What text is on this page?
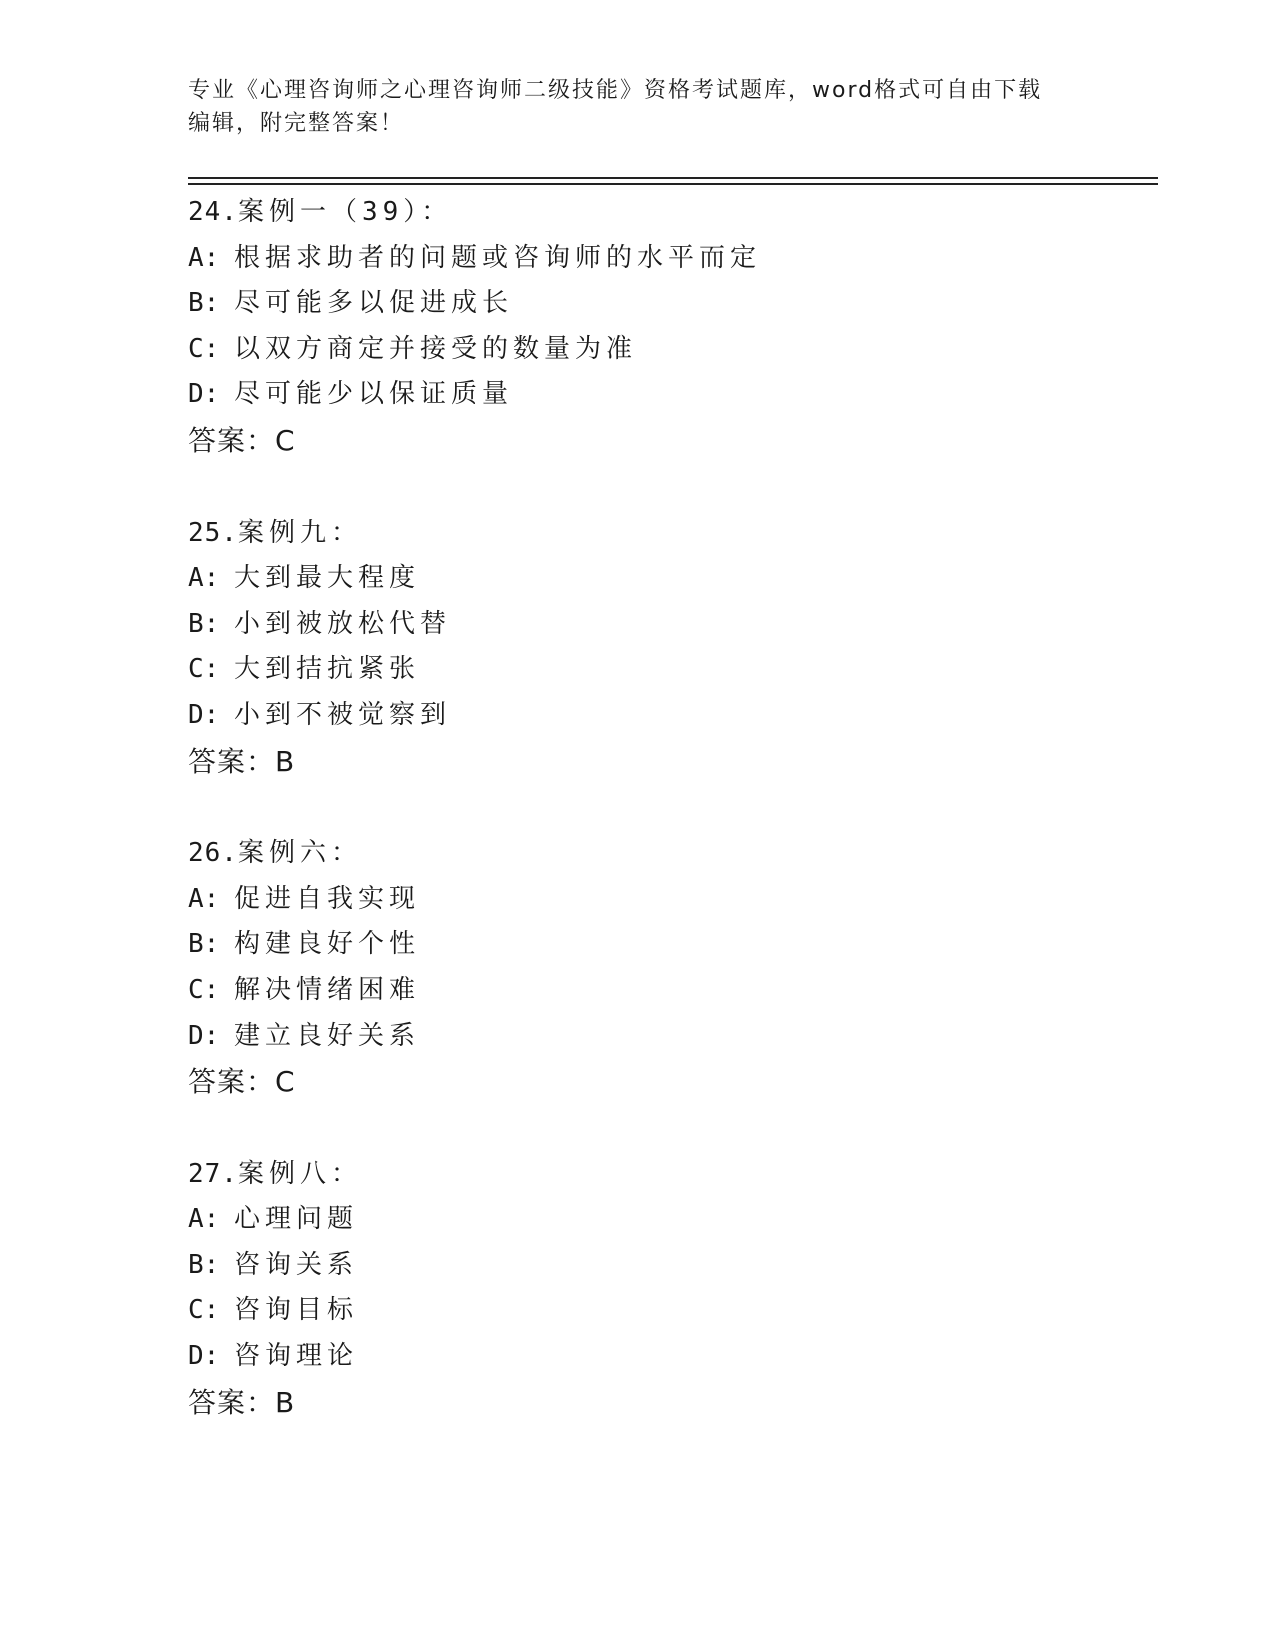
专业《心理咨询师之心理咨询师二级技能》资格考试题库，word格式可自由下载
编辑，附完整答案！
24.案例一（39）：
A: 根据求助者的问题或咨询师的水平而定
B: 尽可能多以促进成长
C: 以双方商定并接受的数量为准
D: 尽可能少以保证质量
答案：C
25.案例九：
A: 大到最大程度
B: 小到被放松代替
C: 大到拮抗紧张
D: 小到不被觉察到
答案：B
26.案例六：
A: 促进自我实现
B: 构建良好个性
C: 解决情绪困难
D: 建立良好关系
答案：C
27.案例八：
A: 心理问题
B: 咨询关系
C: 咨询目标
D: 咨询理论
答案：B
